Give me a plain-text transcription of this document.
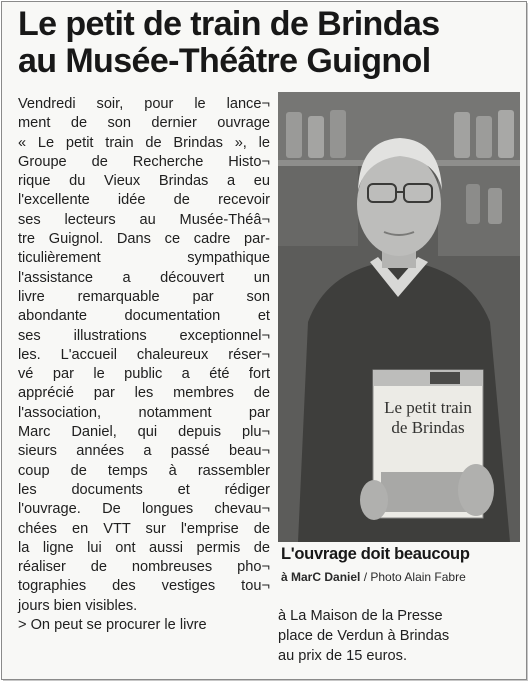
Le petit de train de Brindas
au Musée-Théâtre Guignol
Vendredi soir, pour le lance¬
ment de son dernier ouvrage
« Le petit train de Brindas », le
Groupe de Recherche Histo¬
rique du Vieux Brindas a eu
l'excellente idée de recevoir
ses lecteurs au Musée-Théâ¬
tre Guignol. Dans ce cadre par-
ticulièrement sympathique
l'assistance a découvert un
livre remarquable par son
abondante documentation et
ses illustrations exceptionnel¬
les. L'accueil chaleureux réser¬
vé par le public a été fort
apprécié par les membres de
l'association, notamment par
Marc Daniel, qui depuis plu¬
sieurs années a passé beau¬
coup de temps à rassembler
les documents et rédiger
l'ouvrage. De longues chevau¬
chées en VTT sur l'emprise de
la ligne lui ont aussi permis de
réaliser de nombreuses pho¬
tographies des vestiges tou¬
jours bien visibles.
> On peut se procurer le livre
Le petit train
de Brindas
L'ouvrage doit beaucoup
à MarC Daniel / Photo Alain Fabre
à La Maison de la Presse
place de Verdun à Brindas
au prix de 15 euros.
